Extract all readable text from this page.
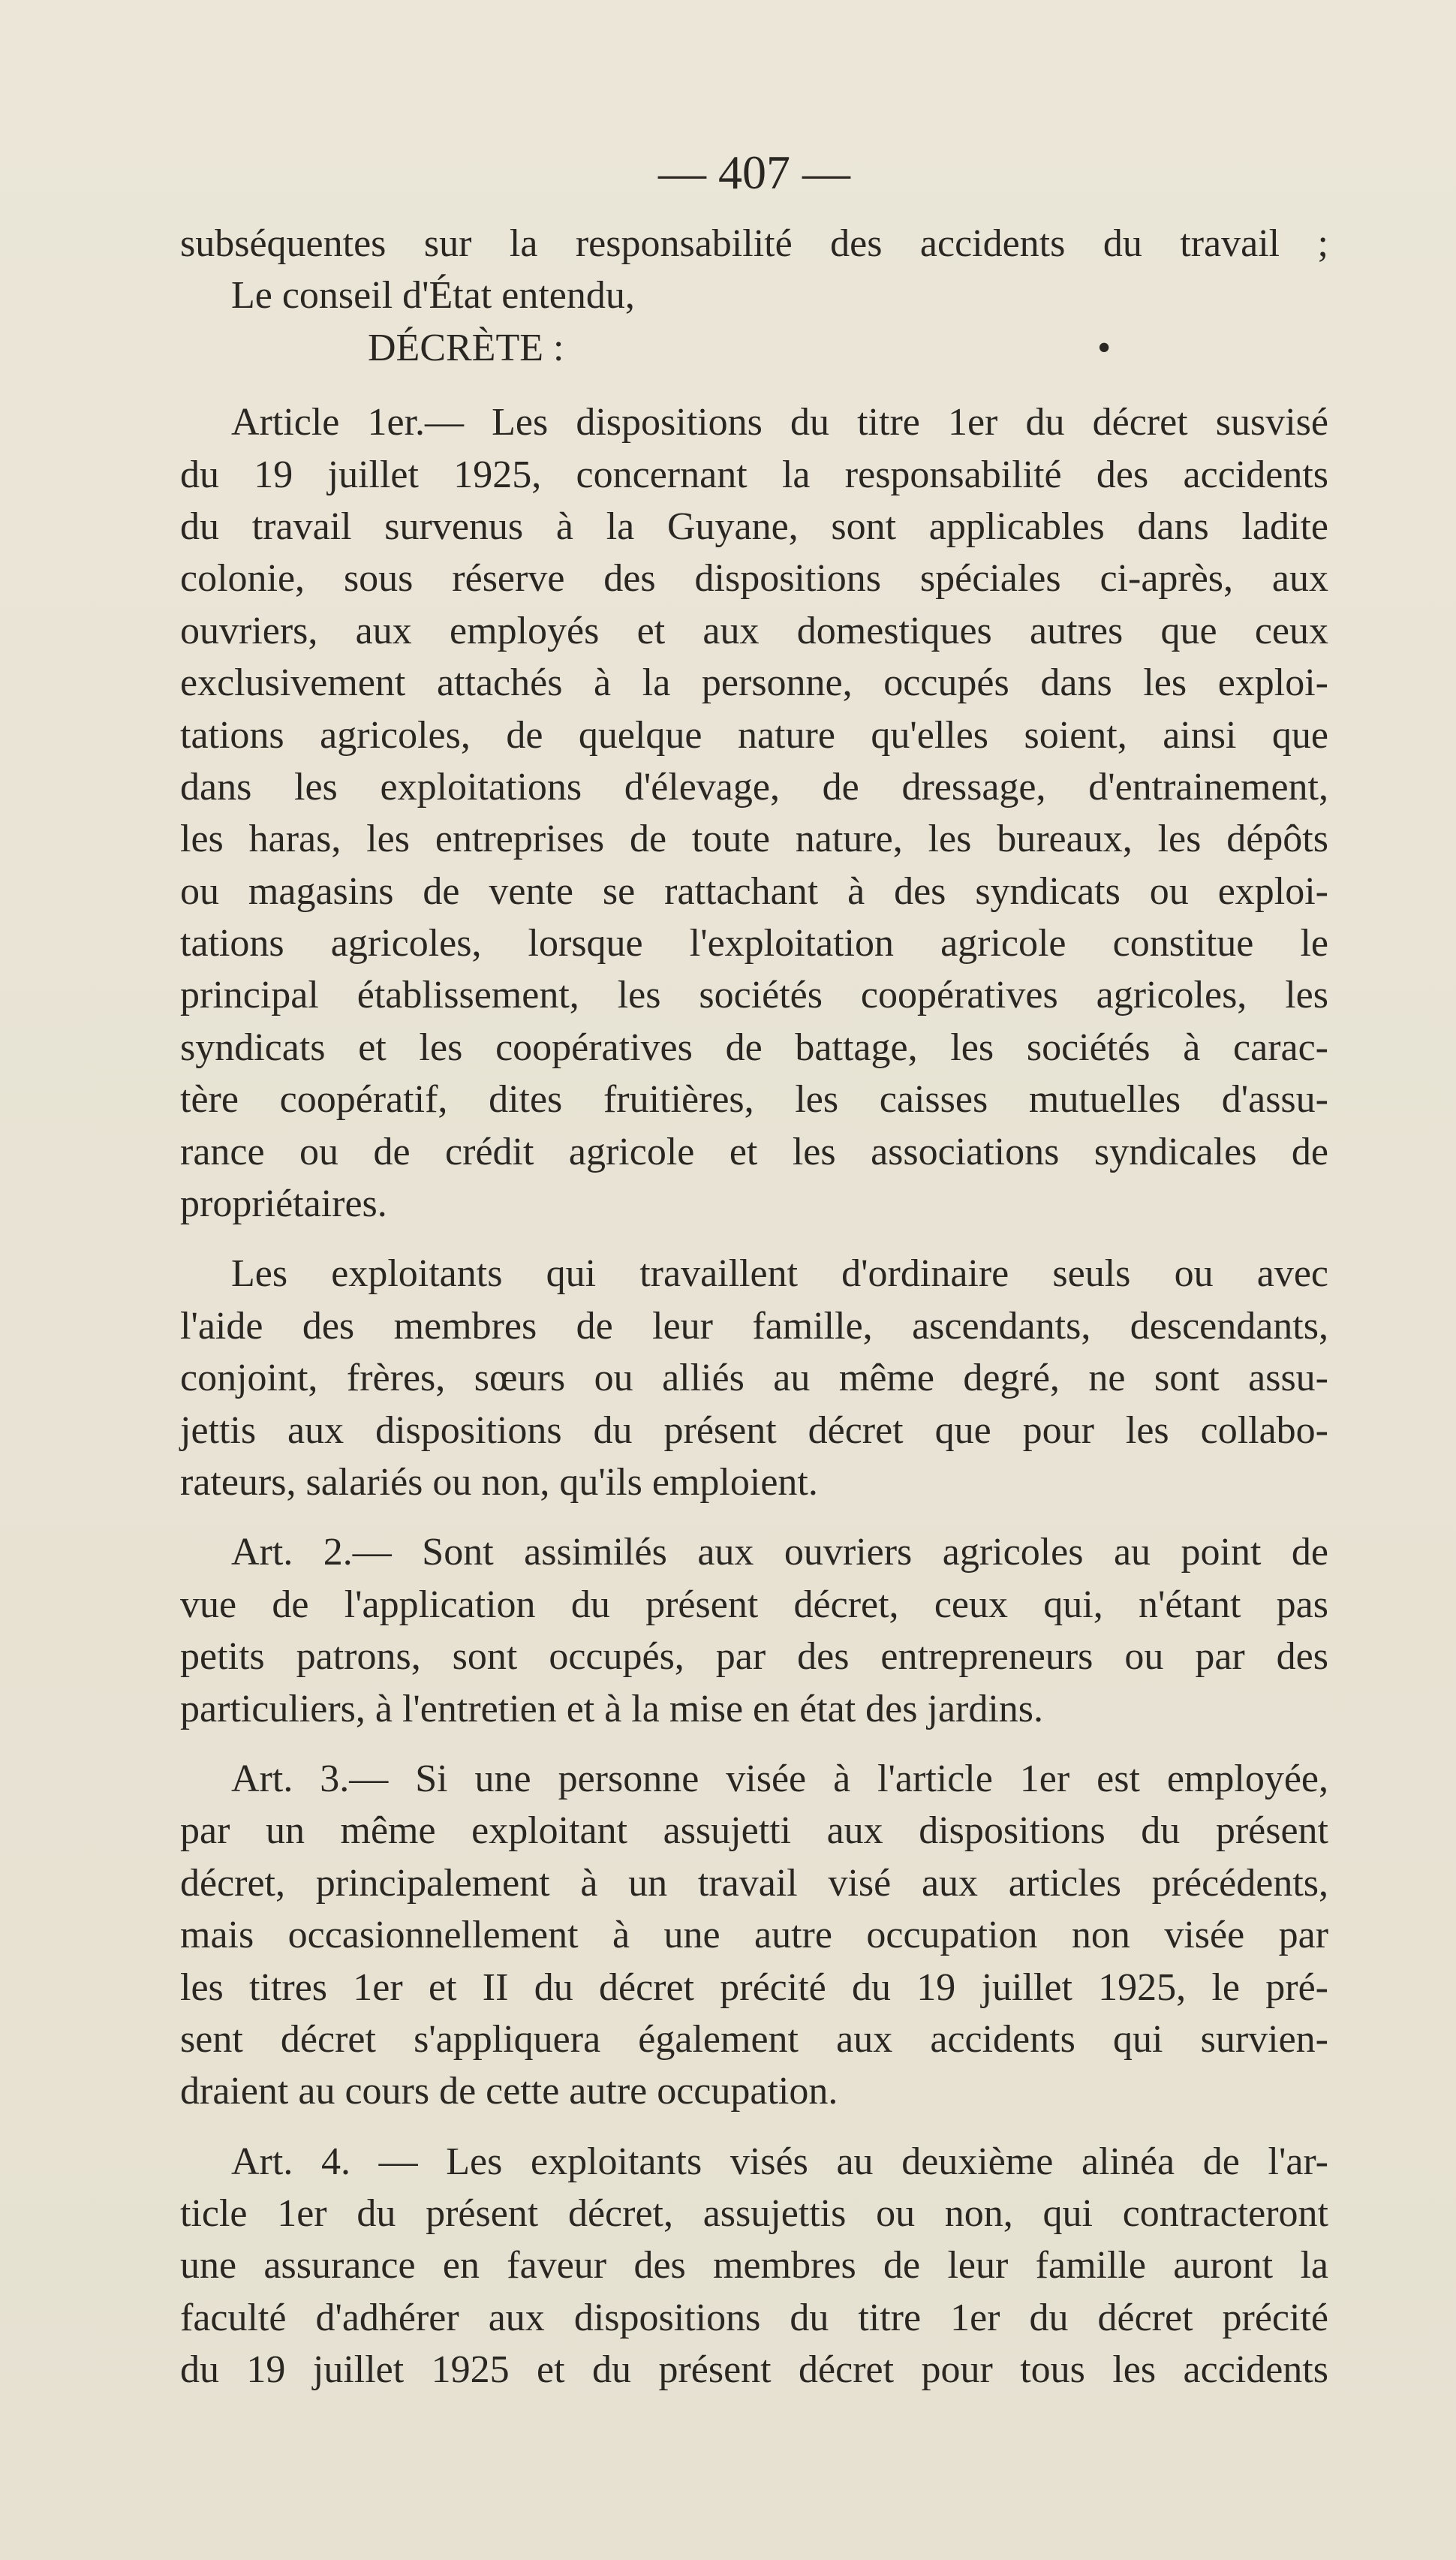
— 407 —
subséquentes sur la responsabilité des accidents du travail ;
Le conseil d'État entendu,
DÉCRÈTE :	•
Article 1er.— Les dispositions du titre 1er du décret susvisé
du 19 juillet 1925, concernant la responsabilité des accidents
du travail survenus à la Guyane, sont applicables dans ladite
colonie, sous réserve des dispositions spéciales ci-après, aux
ouvriers, aux employés et aux domestiques autres que ceux
exclusivement attachés à la personne, occupés dans les exploi-
tations agricoles, de quelque nature qu'elles soient, ainsi que
dans les exploitations d'élevage, de dressage, d'entrainement,
les haras, les entreprises de toute nature, les bureaux, les dépôts
ou magasins de vente se rattachant à des syndicats ou exploi-
tations agricoles, lorsque l'exploitation agricole constitue le
principal établissement, les sociétés coopératives agricoles, les
syndicats et les coopératives de battage, les sociétés à carac-
tère coopératif, dites fruitières, les caisses mutuelles d'assu-
rance ou de crédit agricole et les associations syndicales de
propriétaires.
Les exploitants qui travaillent d'ordinaire seuls ou avec
l'aide des membres de leur famille, ascendants, descendants,
conjoint, frères, sœurs ou alliés au même degré, ne sont assu-
jettis aux dispositions du présent décret que pour les collabo-
rateurs, salariés ou non, qu'ils emploient.
Art. 2.— Sont assimilés aux ouvriers agricoles au point de
vue de l'application du présent décret, ceux qui, n'étant pas
petits patrons, sont occupés, par des entrepreneurs ou par des
particuliers, à l'entretien et à la mise en état des jardins.
Art. 3.— Si une personne visée à l'article 1er est employée,
par un même exploitant assujetti aux dispositions du présent
décret, principalement à un travail visé aux articles précédents,
mais occasionnellement à une autre occupation non visée par
les titres 1er et II du décret précité du 19 juillet 1925, le pré-
sent décret s'appliquera également aux accidents qui survien-
draient au cours de cette autre occupation.
Art. 4. — Les exploitants visés au deuxième alinéa de l'ar-
ticle 1er du présent décret, assujettis ou non, qui contracteront
une assurance en faveur des membres de leur famille auront la
faculté d'adhérer aux dispositions du titre 1er du décret précité
du 19 juillet 1925 et du présent décret pour tous les accidents
